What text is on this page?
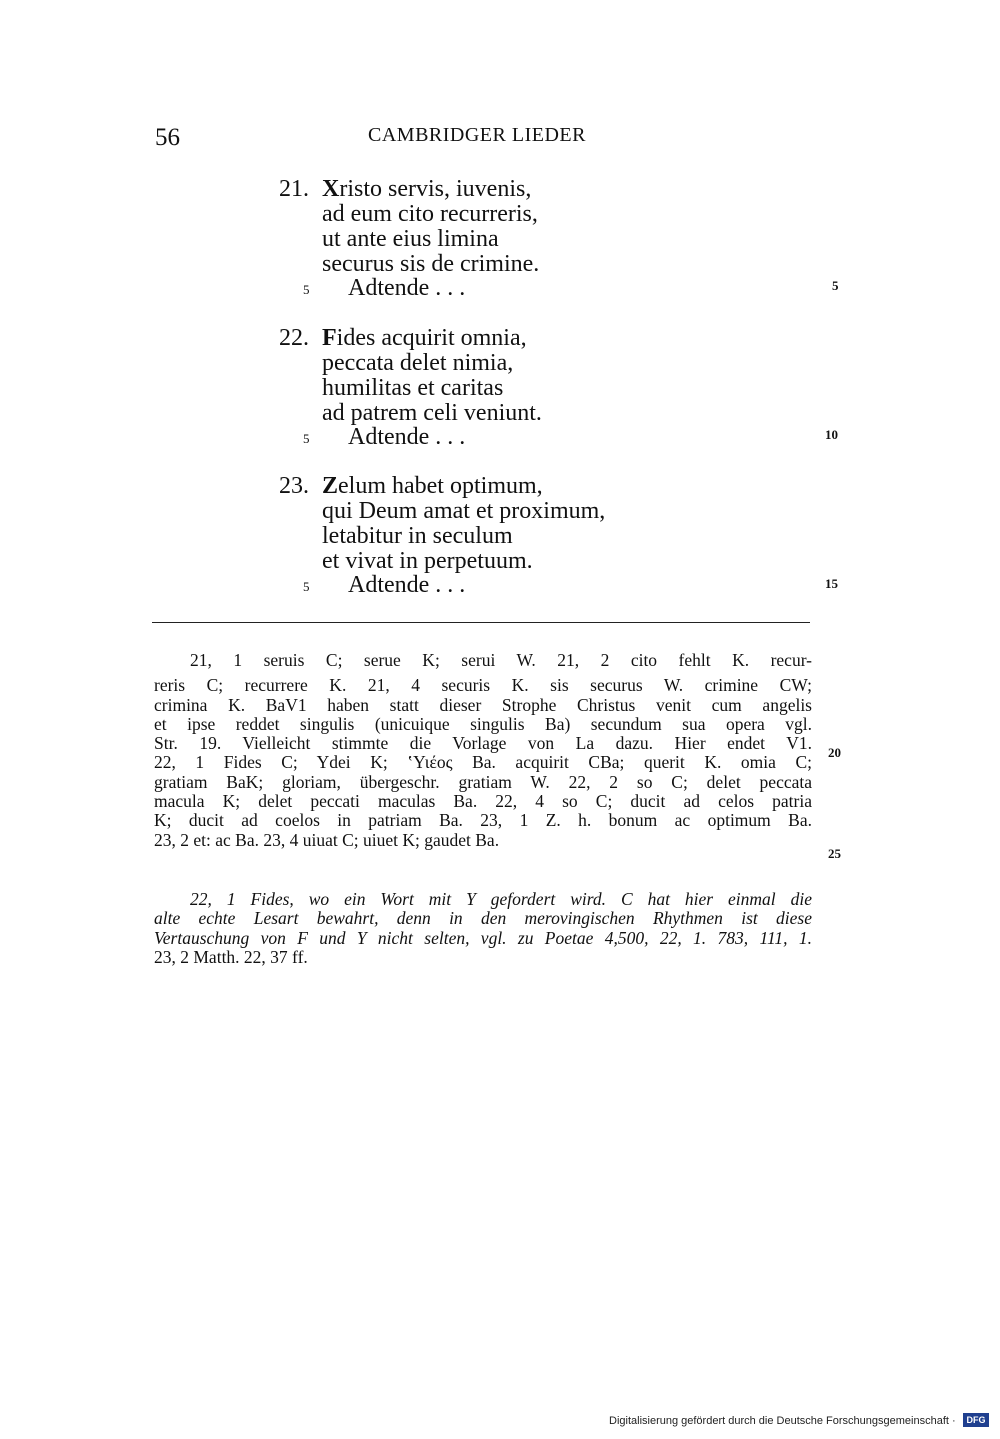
56	CAMBRIDGER LIEDER
21. Xristo servis, iuvenis,
ad eum cito recurreris,
ut ante eius limina
securus sis de crimine.
5 Adtende . . .	5
22. Fides acquirit omnia,
peccata delet nimia,
humilitas et caritas
ad patrem celi veniunt.
5 Adtende . . .	10
23. Zelum habet optimum,
qui Deum amat et proximum,
letabitur in seculum
et vivat in perpetuum.
5 Adtende . . .	15
21, 1 seruis C; serue K; serui W. 21, 2 cito fehlt K. recur-
reris C; recurrere K. 21, 4 securis K. sis securus W. crimine CW;
crimina K. BaV1 haben statt dieser Strophe Christus venit cum angelis
et ipse reddet singulis (unicuique singulis Ba) secundum sua opera vgl.
Str. 19. Vielleicht stimmte die Vorlage von La dazu. Hier endet V1.
22, 1 Fides C; Ydei K; ʽΥιέος Ba. acquirit CBa; querit K. omia C;
gratiam BaK; gloriam, übergeschr. gratiam W. 22, 2 so C; delet peccata
macula K; delet peccati maculas Ba. 22, 4 so C; ducit ad celos patria
K; ducit ad coelos in patriam Ba. 23, 1 Z. h. bonum ac optimum Ba.
23, 2 et: ac Ba. 23, 4 uiuat C; uiuet K; gaudet Ba.
20
25
22, 1 Fides, wo ein Wort mit Y gefordert wird. C hat hier einmal die
alte echte Lesart bewahrt, denn in den merovingischen Rhythmen ist diese
Vertauschung von F und Y nicht selten, vgl. zu Poetae 4,500, 22, 1. 783, 111, 1.
23, 2 Matth. 22, 37 ff.
Digitalisierung gefördert durch die Deutsche Forschungsgemeinschaft ·	DFG
